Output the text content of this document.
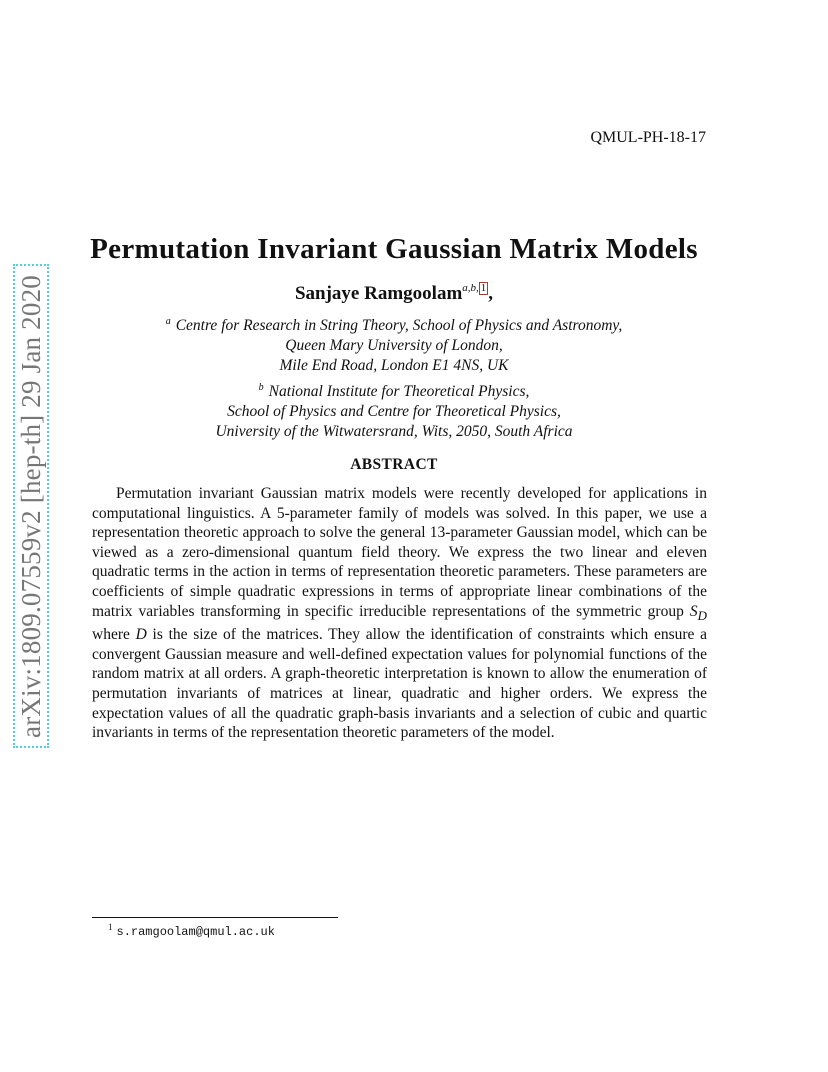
QMUL-PH-18-17
arXiv:1809.07559v2 [hep-th] 29 Jan 2020
Permutation Invariant Gaussian Matrix Models
Sanjaye Ramgoolam$^{a,b, 1}$ ,
$^a$ Centre for Research in String Theory, School of Physics and Astronomy,
Queen Mary University of London,
Mile End Road, London E1 4NS, UK
$^b$ National Institute for Theoretical Physics,
School of Physics and Centre for Theoretical Physics,
University of the Witwatersrand, Wits, 2050, South Africa
ABSTRACT

Permutation invariant Gaussian matrix models were recently developed for applications in computational linguistics. A 5-parameter family of models was solved. In this paper, we use a representation theoretic approach to solve the general 13-parameter Gaussian model, which can be viewed as a zero-dimensional quantum field theory. We express the two linear and eleven quadratic terms in the action in terms of representation theoretic parameters. These parameters are coefficients of simple quadratic expressions in terms of appropriate linear combinations of the matrix variables transforming in specific irreducible representations of the symmetric group $S_D$ where D is the size of the matrices. They allow the identification of constraints which ensure a convergent Gaussian measure and well-defined expectation values for polynomial functions of the random matrix at all orders. A graph-theoretic interpretation is known to allow the enumeration of permutation invariants of matrices at linear, quadratic and higher orders. We express the expectation values of all the quadratic graph-basis invariants and a selection of cubic and quartic invariants in terms of the representation theoretic parameters of the model.

$^1$ s.ramgoolam@qmul.ac.uk
